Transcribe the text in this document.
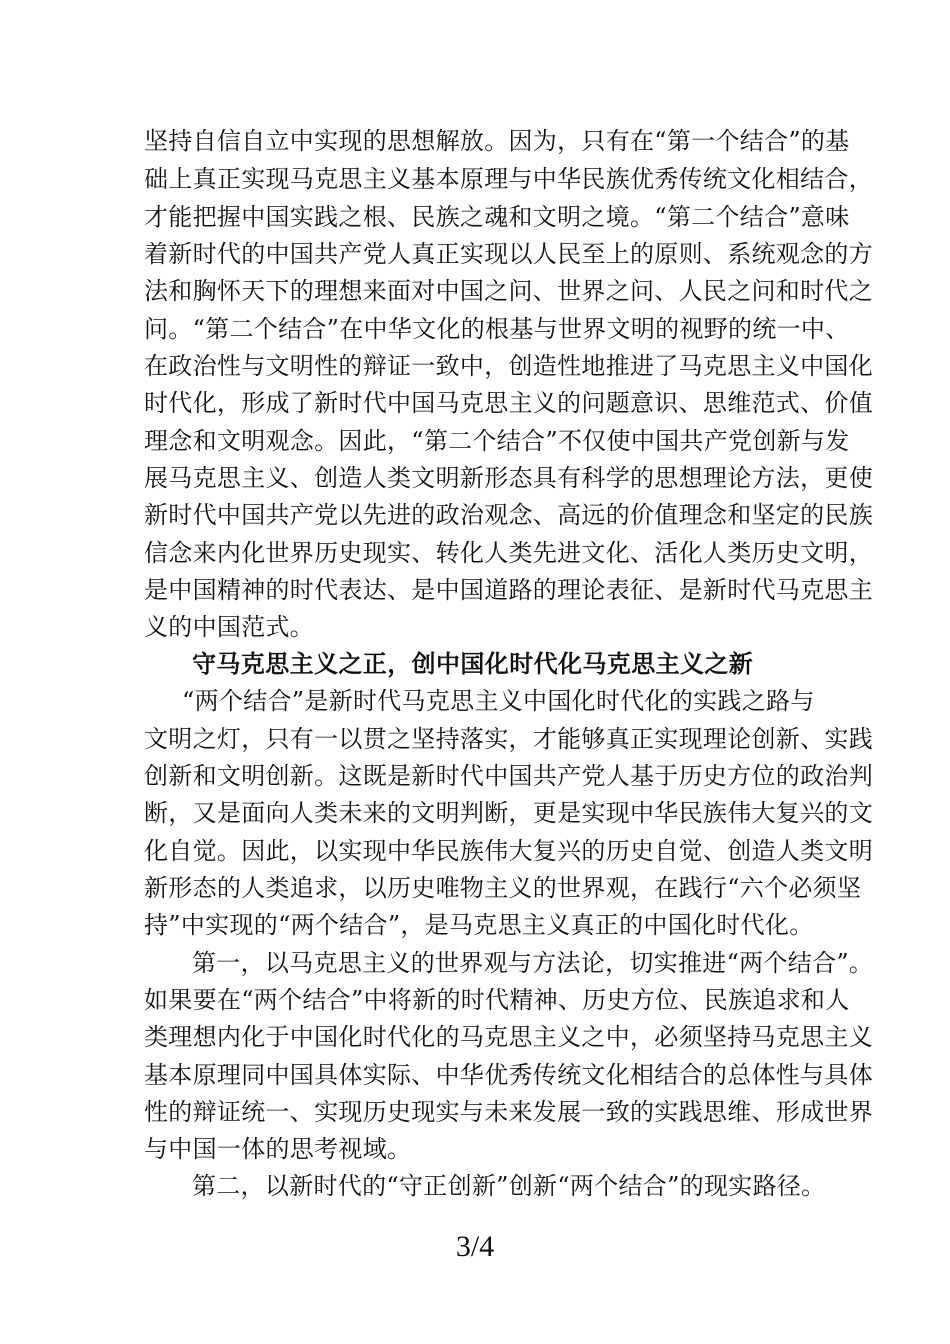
坚持自信自立中实现的思想解放。因为，只有在“第一个结合”的基
础上真正实现马克思主义基本原理与中华民族优秀传统文化相结合，
才能把握中国实践之根、民族之魂和文明之境。“第二个结合”意味
着新时代的中国共产党人真正实现以人民至上的原则、系统观念的方
法和胸怀天下的理想来面对中国之问、世界之问、人民之问和时代之
问。“第二个结合”在中华文化的根基与世界文明的视野的统一中、
在政治性与文明性的辩证一致中，创造性地推进了马克思主义中国化
时代化，形成了新时代中国马克思主义的问题意识、思维范式、价值
理念和文明观念。因此，“第二个结合”不仅使中国共产党创新与发
展马克思主义、创造人类文明新形态具有科学的思想理论方法，更使
新时代中国共产党以先进的政治观念、高远的价值理念和坚定的民族
信念来内化世界历史现实、转化人类先进文化、活化人类历史文明，
是中国精神的时代表达、是中国道路的理论表征、是新时代马克思主
义的中国范式。
守马克思主义之正，创中国化时代化马克思主义之新
“两个结合”是新时代马克思主义中国化时代化的实践之路与
文明之灯，只有一以贯之坚持落实，才能够真正实现理论创新、实践
创新和文明创新。这既是新时代中国共产党人基于历史方位的政治判
断，又是面向人类未来的文明判断，更是实现中华民族伟大复兴的文
化自觉。因此，以实现中华民族伟大复兴的历史自觉、创造人类文明
新形态的人类追求，以历史唯物主义的世界观，在践行“六个必须坚
持”中实现的“两个结合”，是马克思主义真正的中国化时代化。
第一，以马克思主义的世界观与方法论，切实推进“两个结合”。
如果要在“两个结合”中将新的时代精神、历史方位、民族追求和人
类理想内化于中国化时代化的马克思主义之中，必须坚持马克思主义
基本原理同中国具体实际、中华优秀传统文化相结合的总体性与具体
性的辩证统一、实现历史现实与未来发展一致的实践思维、形成世界
与中国一体的思考视域。
第二，以新时代的“守正创新”创新“两个结合”的现实路径。
3/4
